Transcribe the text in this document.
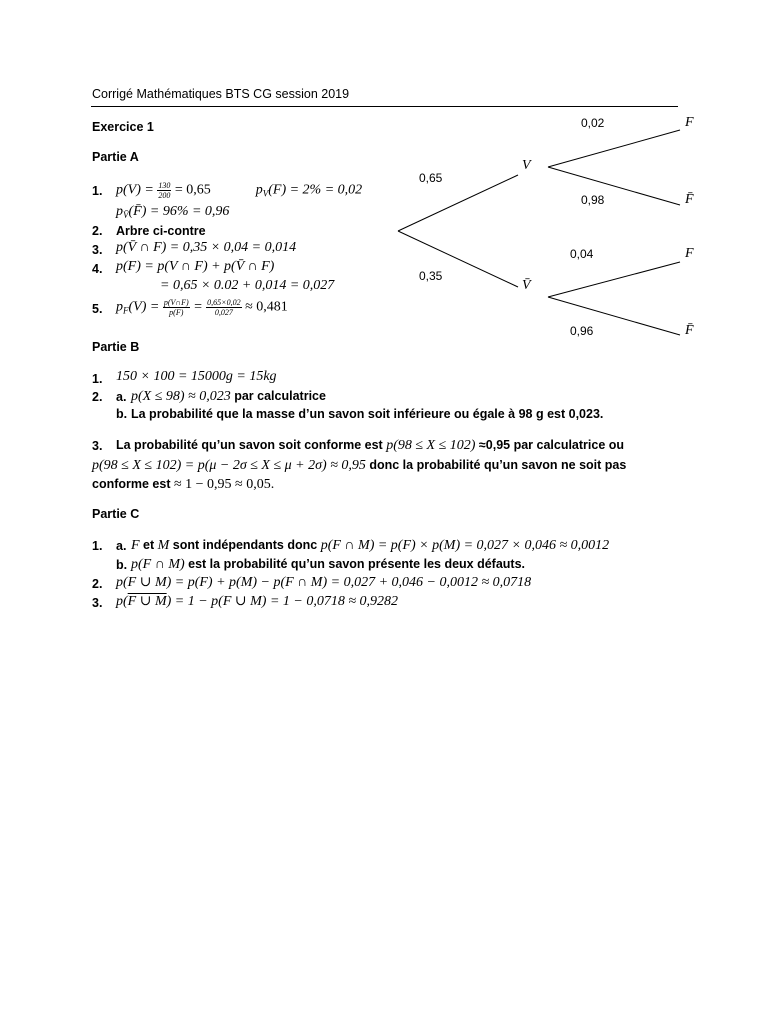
Corrigé Mathématiques BTS CG session 2019
Exercice 1
Partie A
1. $p(V) = \frac{130}{200} = 0,65$	$p_V(F) = 2\% = 0,02$
$p_{V̄}(F̄) = 96\% = 0,96$
2. Arbre ci-contre
3. p(V̄ ∩ F) = 0,35 × 0,04 = 0,014
4. p(F) = p(V ∩ F) + p(V̄ ∩ F)
= 0,65 × 0.02 + 0,014 = 0,027
5. $p_F(V) = \frac{p(V\cap F)}{p(F)} = \frac{0,65\times 0,02}{0,027} \approx 0,481$
0,65
0,35
V
V̄
0,02
0,98
0,04
0,96
F
F̄
F
F̄
Partie B
1. 150 × 100 = 15000g = 15kg
2. a. p(X ≤ 98) ≈ 0,023 par calculatrice
b. La probabilité que la masse d’un savon soit inférieure ou égale à 98 g est 0,023.
3. La probabilité qu’un savon soit conforme est p(98 ≤ X ≤ 102) ≈0,95 par calculatrice ou
p(98 ≤ X ≤ 102) = p(μ − 2σ ≤ X ≤ μ + 2σ) ≈ 0,95 donc la probabilité qu’un savon ne soit pas
conforme est ≈ 1 − 0,95 ≈ 0,05.
Partie C
1. a. F et M sont indépendants donc p(F ∩ M) = p(F) × p(M) = 0,027 × 0,046 ≈ 0,0012
b. p(F ∩ M) est la probabilité qu’un savon présente les deux défauts.
2. p(F ∪ M) = p(F) + p(M) − p(F ∩ M) = 0,027 + 0,046 − 0,0012 ≈ 0,0718
3. p(F ∪ M) = 1 − p(F ∪ M) = 1 − 0,0718 ≈ 0,9282
